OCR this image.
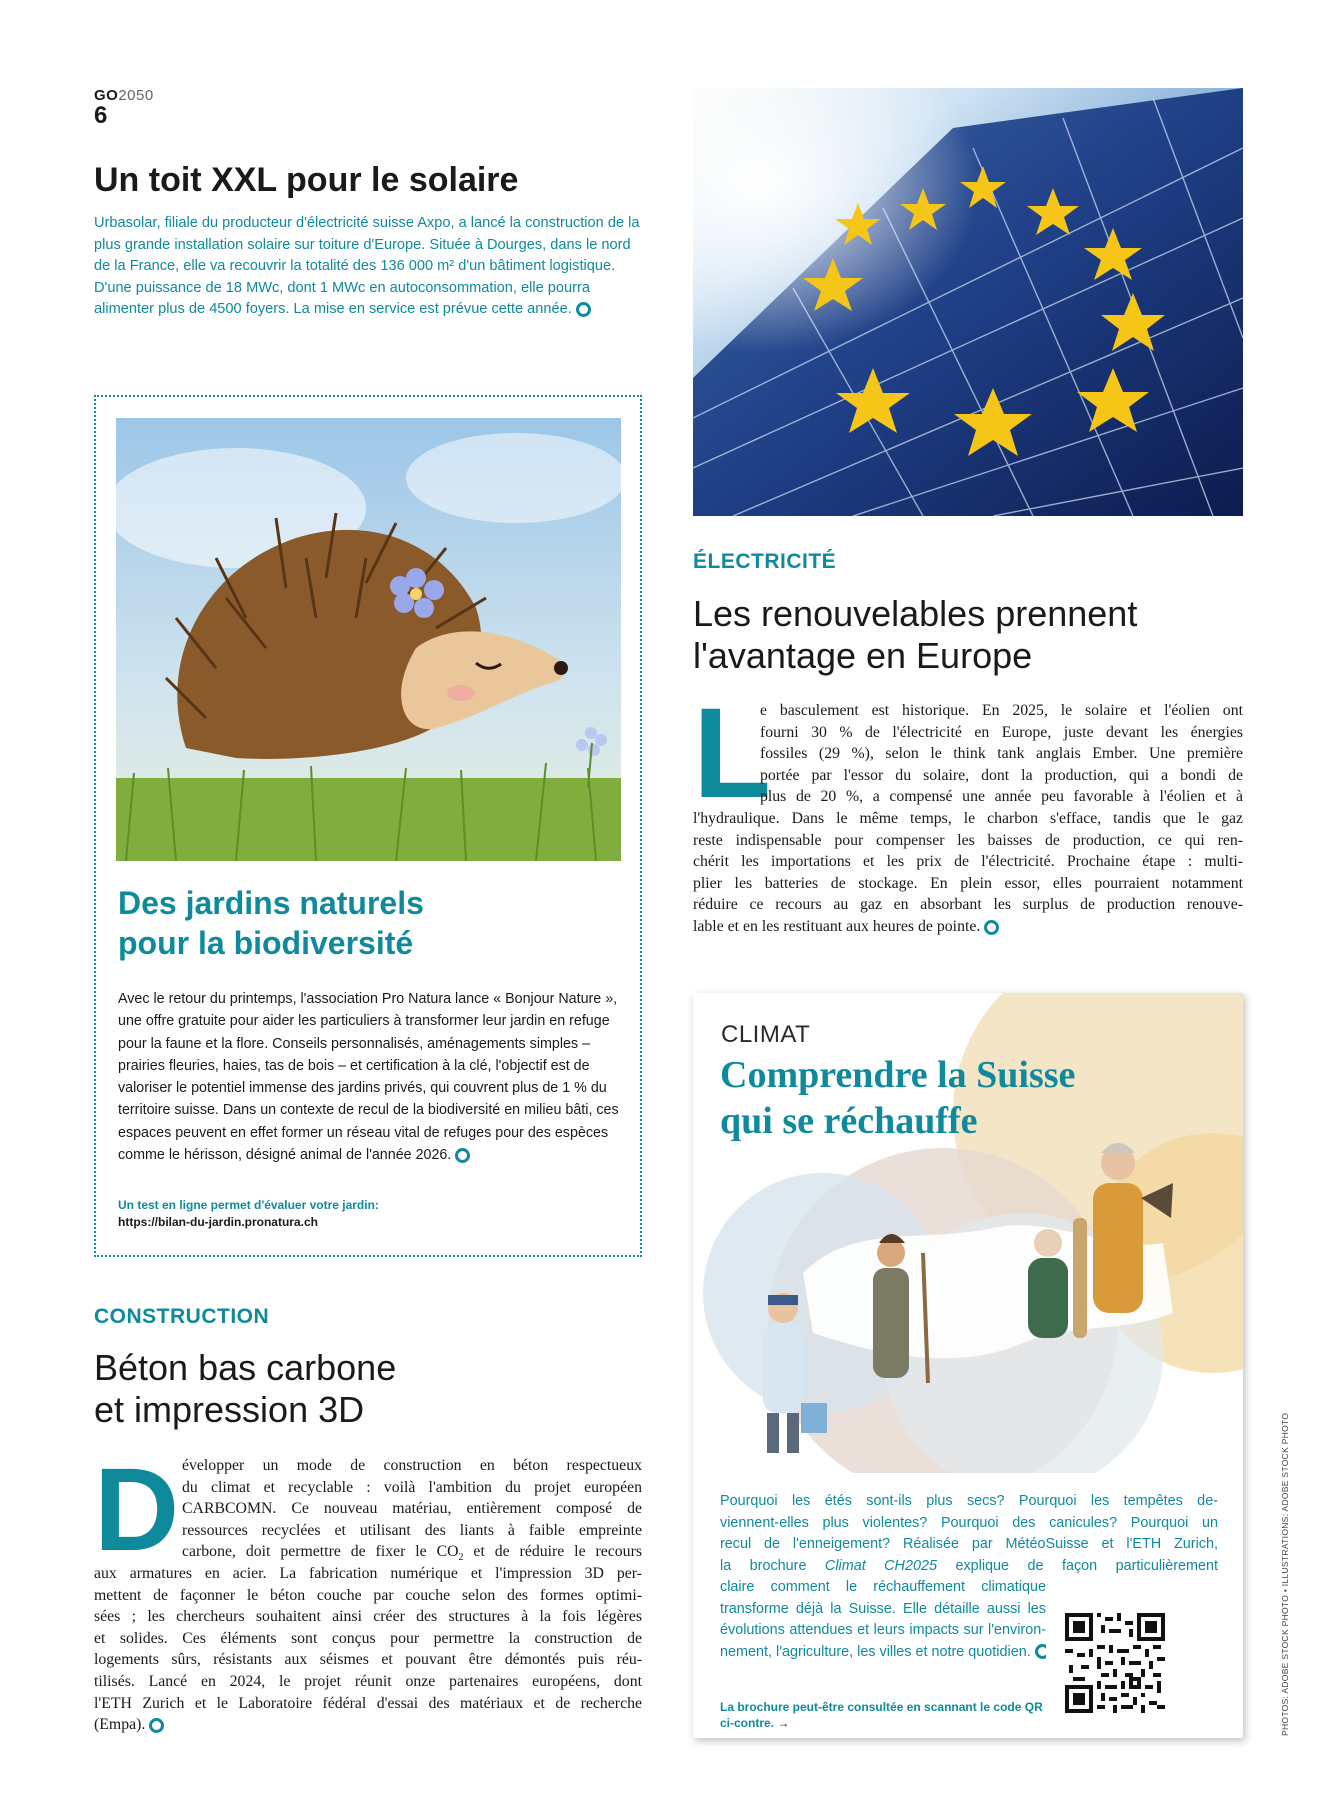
GO2050
6
Un toit XXL pour le solaire

Urbasolar, filiale du producteur d'électricité suisse Axpo, a lancé la construction de la plus grande installation solaire sur toiture d'Europe. Située à Dourges, dans le nord de la France, elle va recouvrir la totalité des 136 000 m² d'un bâtiment logistique. D'une puissance de 18 MWc, dont 1 MWc en autoconsommation, elle pourra alimenter plus de 4500 foyers. La mise en service est prévue cette année.

Des jardins naturels
pour la biodiversité

Avec le retour du printemps, l'association Pro Natura lance « Bonjour Nature », une offre gratuite pour aider les particuliers à transformer leur jardin en refuge pour la faune et la flore. Conseils personnalisés, aménagements simples – prairies fleuries, haies, tas de bois – et certification à la clé, l'objectif est de valoriser le potentiel immense des jardins privés, qui couvrent plus de 1 % du territoire suisse. Dans un contexte de recul de la biodiversité en milieu bâti, ces espaces peuvent en effet former un réseau vital de refuges pour des espèces comme le hérisson, désigné animal de l'année 2026.

Un test en ligne permet d'évaluer votre jardin:
https://bilan-du-jardin.pronatura.ch
ÉLECTRICITÉ
Les renouvelables prennent
l'avantage en Europe
L
e basculement est historique. En 2025, le solaire et l'éolien ont
fourni 30 % de l'électricité en Europe, juste devant les énergies
fossiles (29 %), selon le think tank anglais Ember. Une première
portée par l'essor du solaire, dont la production, qui a bondi de
plus de 20 %, a compensé une année peu favorable à l'éolien et à
l'hydraulique. Dans le même temps, le charbon s'efface, tandis que le gaz
reste indispensable pour compenser les baisses de production, ce qui ren-
chérit les importations et les prix de l'électricité. Prochaine étape : multi-
plier les batteries de stockage. En plein essor, elles pourraient notamment
réduire ce recours au gaz en absorbant les surplus de production renouve-
lable et en les restituant aux heures de pointe.
CONSTRUCTION
Béton bas carbone
et impression 3D
D évelopper un mode de construction en béton respectueux
du climat et recyclable : voilà l'ambition du projet européen
CARBCOMN. Ce nouveau matériau, entièrement composé de
ressources recyclées et utilisant des liants à faible empreinte
carbone, doit permettre de fixer le $CO_2$ et de réduire le recours
aux armatures en acier. La fabrication numérique et l'impression 3D per-
mettent de façonner le béton couche par couche selon des formes optimi-
sées ; les chercheurs souhaitent ainsi créer des structures à la fois légères
et solides. Ces éléments sont conçus pour permettre la construction de
logements sûrs, résistants aux séismes et pouvant être démontés puis réu-
tilisés. Lancé en 2024, le projet réunit onze partenaires européens, dont
l'ETH Zurich et le Laboratoire fédéral d'essai des matériaux et de recherche
(Empa).
CLIMAT
Comprendre la Suisse
qui se réchauffe
Pourquoi les étés sont-ils plus secs? Pourquoi les tempêtes de-
viennent-elles plus violentes? Pourquoi des canicules? Pourquoi un
recul de l'enneigement? Réalisée par MétéoSuisse et l'ETH Zurich,
la brochure Climat CH2025 explique de façon particulièrement
claire comment le réchauffement climatique
transforme déjà la Suisse. Elle détaille aussi les
évolutions attendues et leurs impacts sur l'environ-
nement, l'agriculture, les villes et notre quotidien.
La brochure peut-être consultée en scannant le code QR ci-contre. →	PHOTOS: ADOBE STOCK PHOTO • ILLUSTRATIONS: ADOBE STOCK PHOTO
